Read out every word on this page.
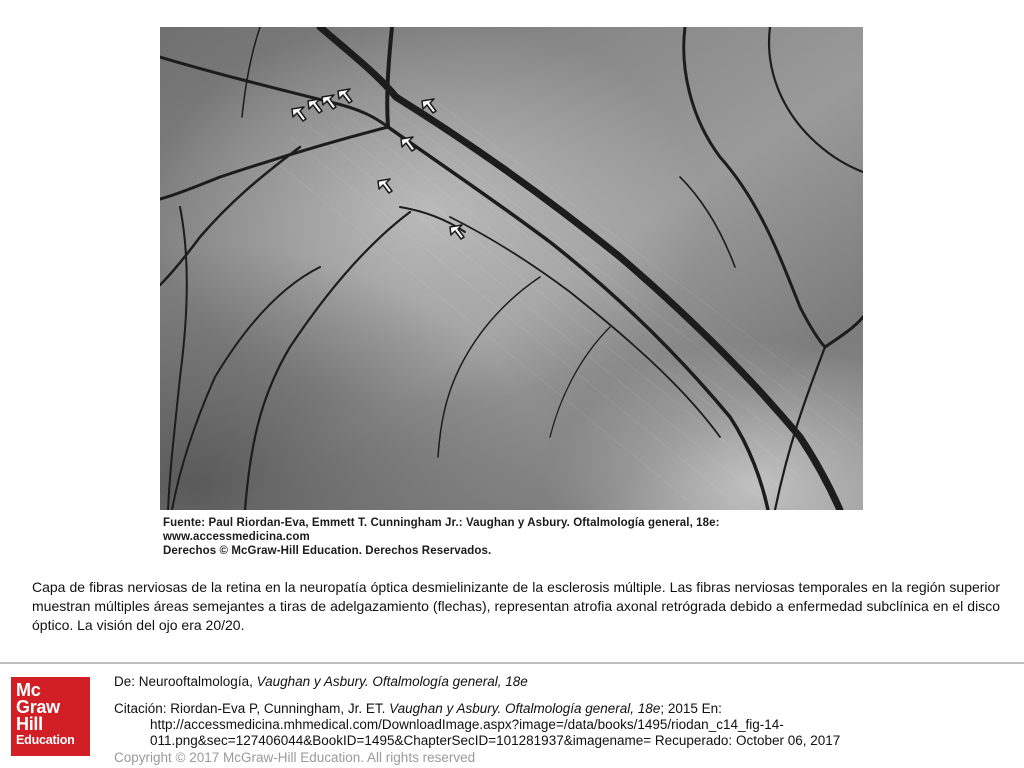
Fuente: Paul Riordan-Eva, Emmett T. Cunningham Jr.: Vaughan y Asbury. Oftalmología general, 18e:
www.accessmedicina.com
Derechos © McGraw-Hill Education. Derechos Reservados.
Capa de fibras nerviosas de la retina en la neuropatía óptica desmielinizante de la esclerosis múltiple. Las fibras nerviosas temporales en la región superior muestran múltiples áreas semejantes a tiras de adelgazamiento (flechas), representan atrofia axonal retrógrada debido a enfermedad subclínica en el disco óptico. La visión del ojo era 20/20.
Mc
Graw
Hill
Education
De: Neurooftalmología, Vaughan y Asbury. Oftalmología general, 18e
Citación: Riordan-Eva P, Cunningham, Jr. ET. Vaughan y Asbury. Oftalmología general, 18e; 2015 En:
http://accessmedicina.mhmedical.com/DownloadImage.aspx?image=/data/books/1495/riodan_c14_fig-14-011.png&sec=127406044&BookID=1495&ChapterSecID=101281937&imagename= Recuperado: October 06, 2017
Copyright © 2017 McGraw-Hill Education. All rights reserved
